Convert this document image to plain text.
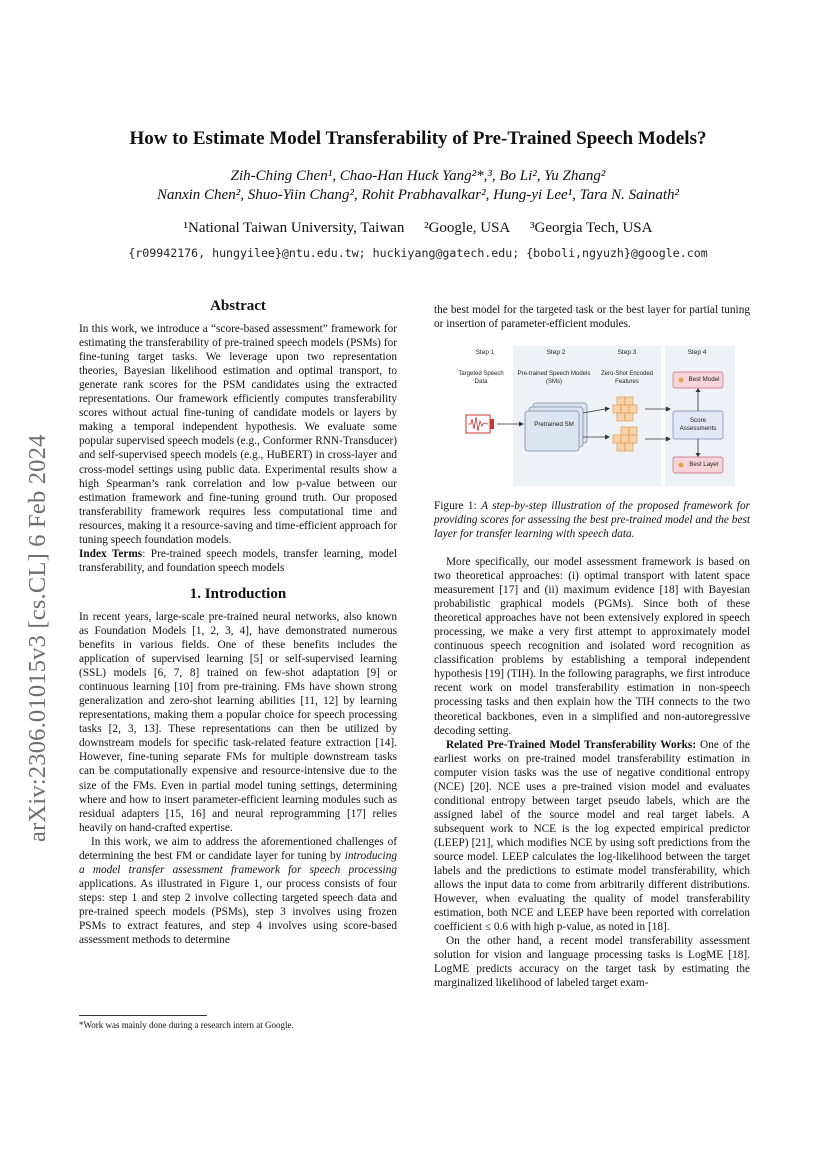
arXiv:2306.01015v3 [cs.CL] 6 Feb 2024
How to Estimate Model Transferability of Pre-Trained Speech Models?
Zih-Ching Chen¹, Chao-Han Huck Yang²*,³, Bo Li², Yu Zhang²
Nanxin Chen², Shuo-Yiin Chang², Rohit Prabhavalkar², Hung-yi Lee¹, Tara N. Sainath²
¹National Taiwan University, Taiwan ²Google, USA ³Georgia Tech, USA
{r09942176, hungyilee}@ntu.edu.tw; huckiyang@gatech.edu; {boboli,ngyuzh}@google.com
Abstract

In this work, we introduce a “score-based assessment” framework for estimating the transferability of pre-trained speech models (PSMs) for fine-tuning target tasks. We leverage upon two representation theories, Bayesian likelihood estimation and optimal transport, to generate rank scores for the PSM candidates using the extracted representations. Our framework efficiently computes transferability scores without actual fine-tuning of candidate models or layers by making a temporal independent hypothesis. We evaluate some popular supervised speech models (e.g., Conformer RNN-Transducer) and self-supervised speech models (e.g., HuBERT) in cross-layer and cross-model settings using public data. Experimental results show a high Spearman’s rank correlation and low p-value between our estimation framework and fine-tuning ground truth. Our proposed transferability framework requires less computational time and resources, making it a resource-saving and time-efficient approach for tuning speech foundation models.

Index Terms: Pre-trained speech models, transfer learning, model transferability, and foundation speech models

1. Introduction

In recent years, large-scale pre-trained neural networks, also known as Foundation Models [1, 2, 3, 4], have demonstrated numerous benefits in various fields. One of these benefits includes the application of supervised learning [5] or self-supervised learning (SSL) models [6, 7, 8] trained on few-shot adaptation [9] or continuous learning [10] from pre-training. FMs have shown strong generalization and zero-shot learning abilities [11, 12] by learning representations, making them a popular choice for speech processing tasks [2, 3, 13]. These representations can then be utilized by downstream models for specific task-related feature extraction [14]. However, fine-tuning separate FMs for multiple downstream tasks can be computationally expensive and resource-intensive due to the size of the FMs. Even in partial model tuning settings, determining where and how to insert parameter-efficient learning modules such as residual adapters [15, 16] and neural reprogramming [17] relies heavily on hand-crafted expertise.

In this work, we aim to address the aforementioned challenges of determining the best FM or candidate layer for tuning by introducing a model transfer assessment framework for speech processing applications. As illustrated in Figure 1, our process consists of four steps: step 1 and step 2 involve collecting targeted speech data and pre-trained speech models (PSMs), step 3 involves using frozen PSMs to extract features, and step 4 involves using score-based assessment methods to determine

*Work was mainly done during a research intern at Google.

the best model for the targeted task or the best layer for partial tuning or insertion of parameter-efficient modules.

Step 1	Step 2	Step 3	Step 4
Targeted Speech Data
Pre-trained Speech Models (SMs)
Zero-Shot Encoded Features
Pretrained SM
Best Model
Score Assessments
Best Layer
Figure 1: A step-by-step illustration of the proposed framework for providing scores for assessing the best pre-trained model and the best layer for transfer learning with speech data.

More specifically, our model assessment framework is based on two theoretical approaches: (i) optimal transport with latent space measurement [17] and (ii) maximum evidence [18] with Bayesian probabilistic graphical models (PGMs). Since both of these theoretical approaches have not been extensively explored in speech processing, we make a very first attempt to approximately model continuous speech recognition and isolated word recognition as classification problems by establishing a temporal independent hypothesis [19] (TIH). In the following paragraphs, we first introduce recent work on model transferability estimation in non-speech processing tasks and then explain how the TIH connects to the two theoretical backbones, even in a simplified and non-autoregressive decoding setting.

Related Pre-Trained Model Transferability Works: One of the earliest works on pre-trained model transferability estimation in computer vision tasks was the use of negative conditional entropy (NCE) [20]. NCE uses a pre-trained vision model and evaluates conditional entropy between target pseudo labels, which are the assigned label of the source model and real target labels. A subsequent work to NCE is the log expected empirical predictor (LEEP) [21], which modifies NCE by using soft predictions from the source model. LEEP calculates the log-likelihood between the target labels and the predictions to estimate model transferability, which allows the input data to come from arbitrarily different distributions. However, when evaluating the quality of model transferability estimation, both NCE and LEEP have been reported with correlation coefficient ≤ 0.6 with high p-value, as noted in [18].

On the other hand, a recent model transferability assessment solution for vision and language processing tasks is LogME [18]. LogME predicts accuracy on the target task by estimating the marginalized likelihood of labeled target exam-
